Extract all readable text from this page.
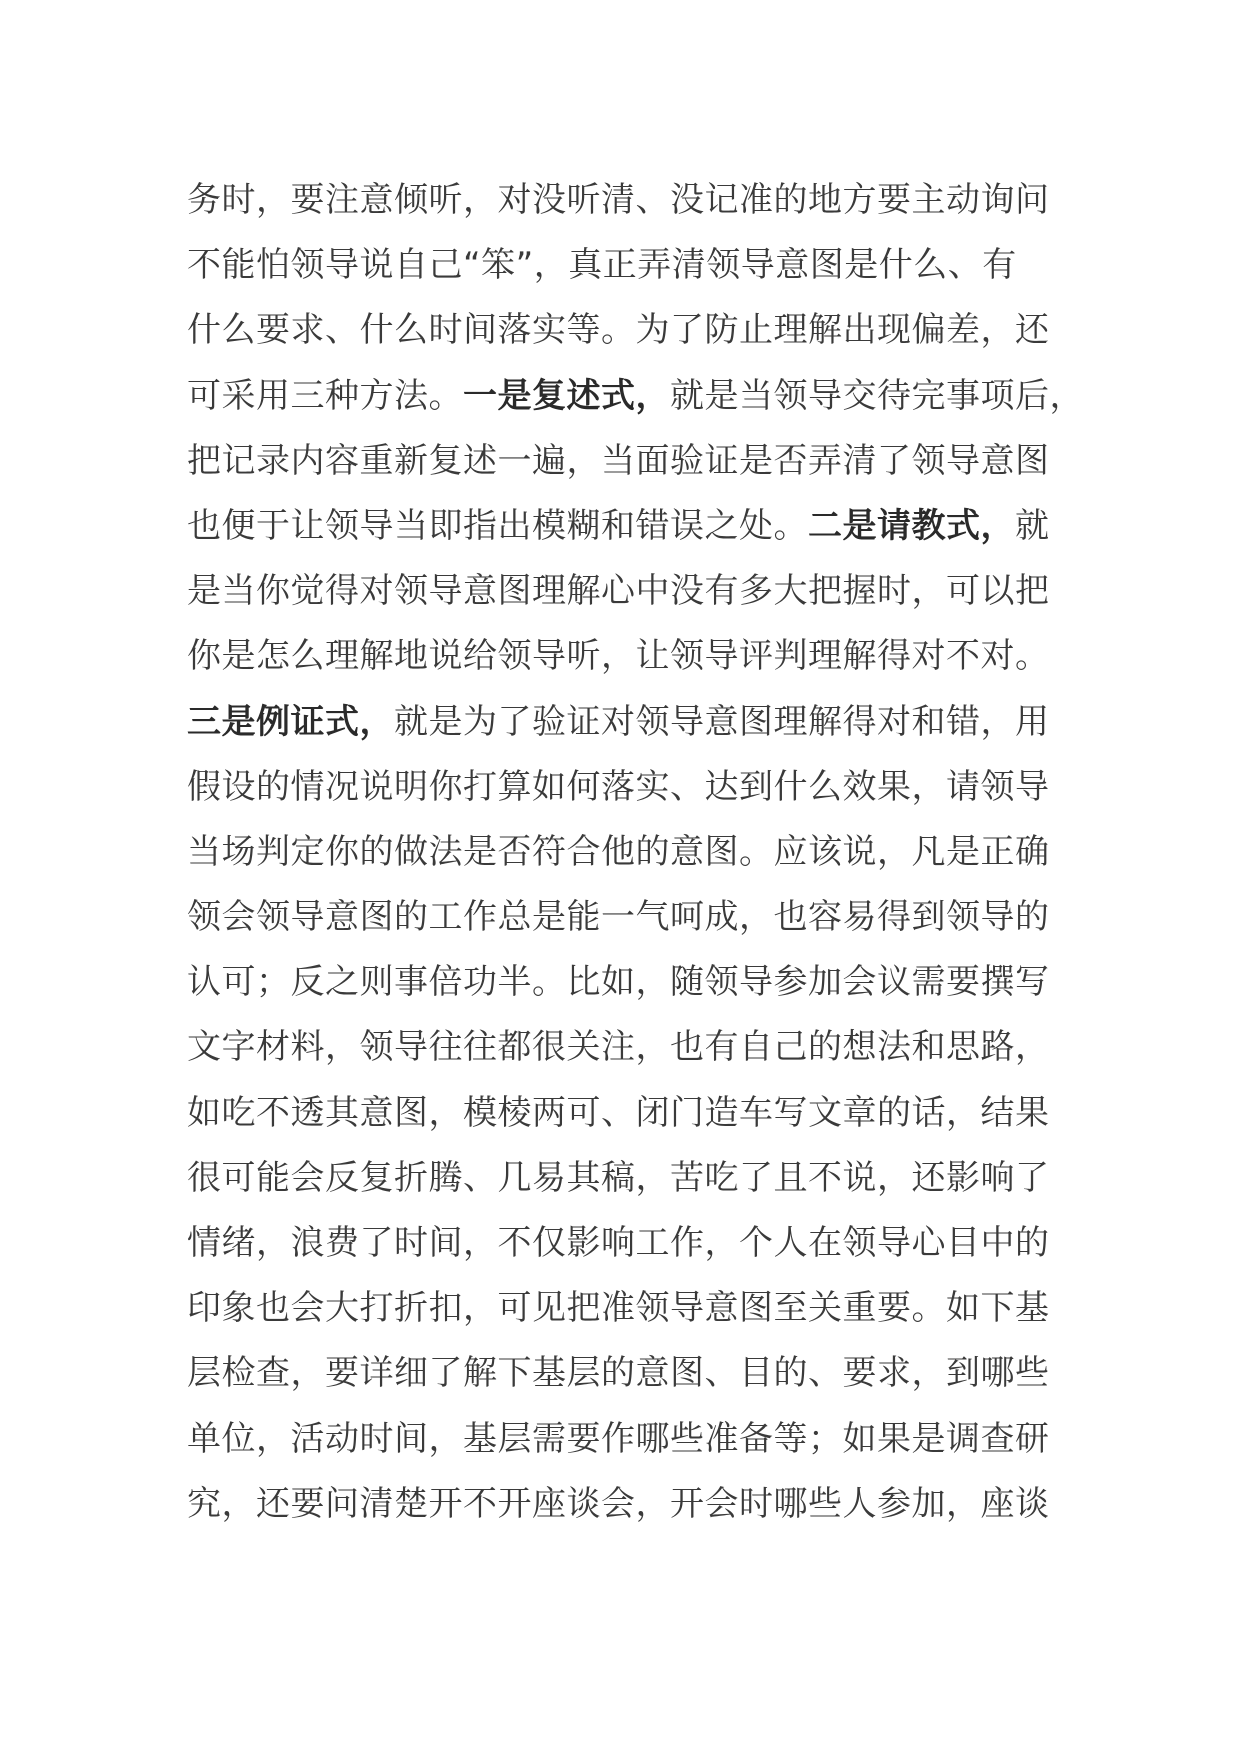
务时，要注意倾听，对没听清、没记准的地方要主动询问
不能怕领导说自己“笨”，真正弄清领导意图是什么、有
什么要求、什么时间落实等。为了防止理解出现偏差，还
可采用三种方法。一是复述式，就是当领导交待完事项后，
把记录内容重新复述一遍，当面验证是否弄清了领导意图
也便于让领导当即指出模糊和错误之处。二是请教式，就
是当你觉得对领导意图理解心中没有多大把握时，可以把
你是怎么理解地说给领导听，让领导评判理解得对不对。
三是例证式，就是为了验证对领导意图理解得对和错，用
假设的情况说明你打算如何落实、达到什么效果，请领导
当场判定你的做法是否符合他的意图。应该说，凡是正确
领会领导意图的工作总是能一气呵成，也容易得到领导的
认可；反之则事倍功半。比如，随领导参加会议需要撰写
文字材料，领导往往都很关注，也有自己的想法和思路，
如吃不透其意图，模棱两可、闭门造车写文章的话，结果
很可能会反复折腾、几易其稿，苦吃了且不说，还影响了
情绪，浪费了时间，不仅影响工作，个人在领导心目中的
印象也会大打折扣，可见把准领导意图至关重要。如下基
层检查，要详细了解下基层的意图、目的、要求，到哪些
单位，活动时间，基层需要作哪些准备等；如果是调查研
究，还要问清楚开不开座谈会，开会时哪些人参加，座谈
